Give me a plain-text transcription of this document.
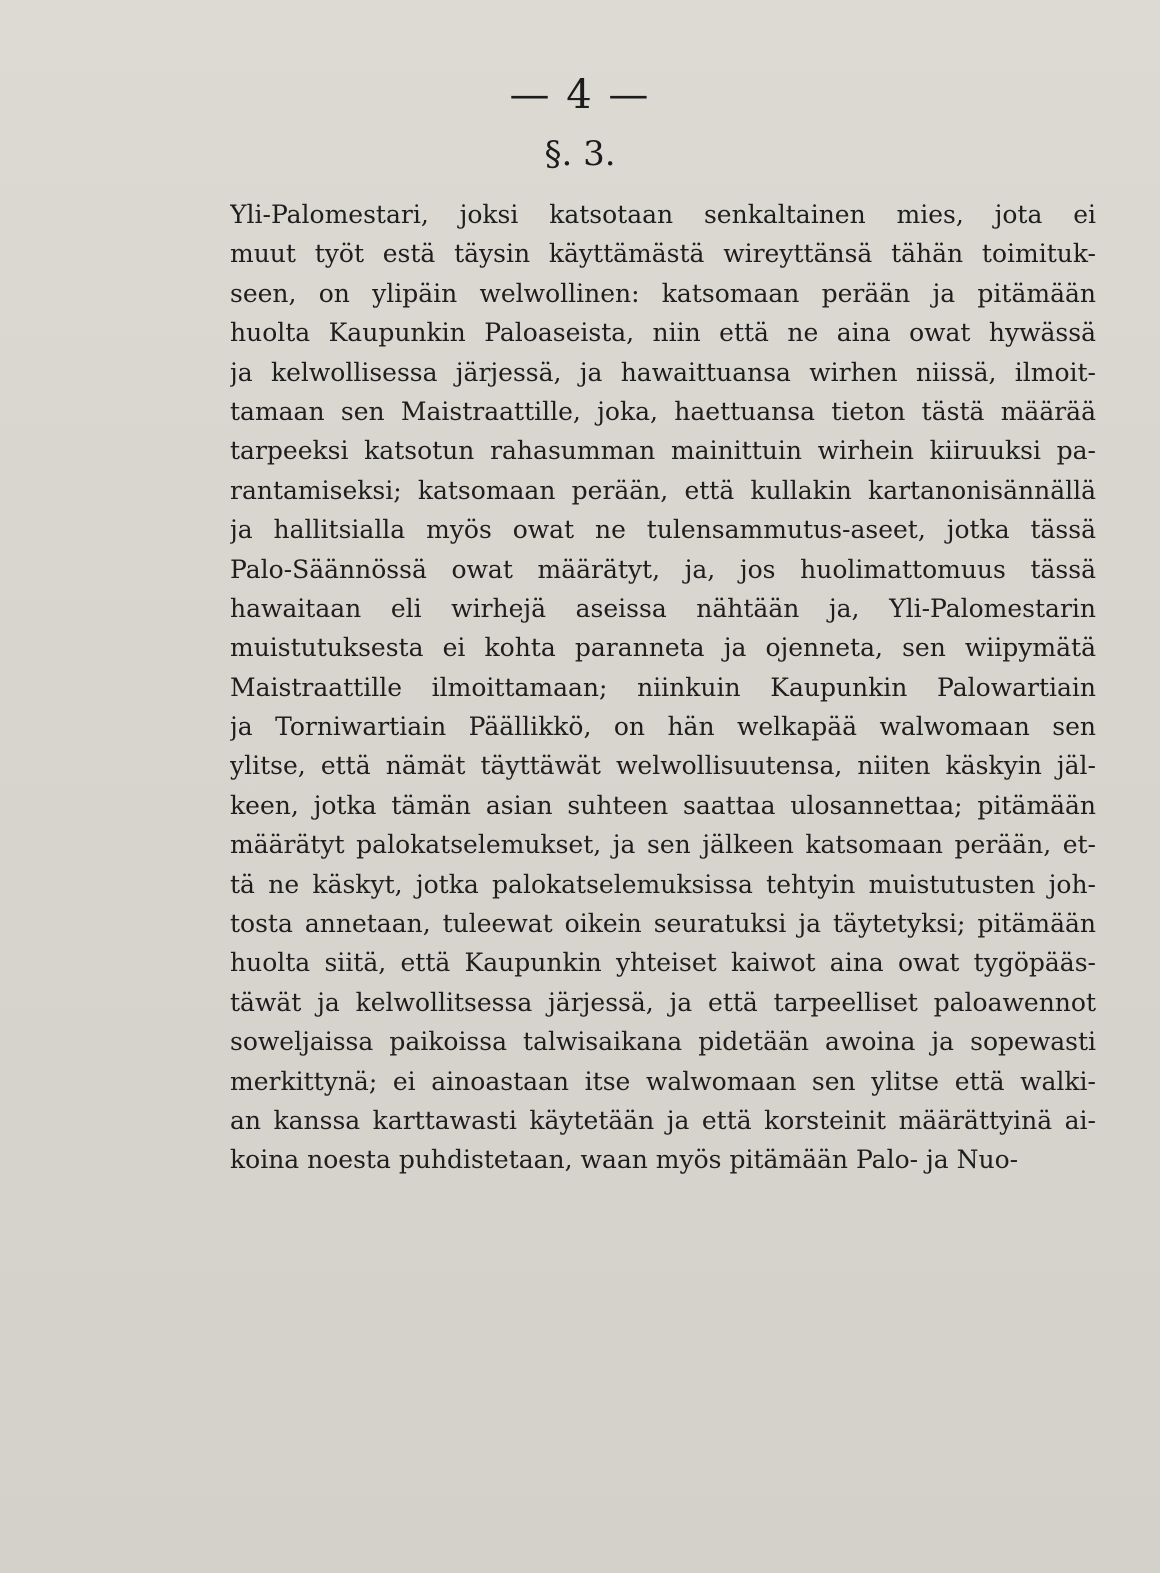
— 4 —
§. 3.
Yli-Palomestari, joksi katsotaan senkaltainen mies, jota ei
muut työt estä täysin käyttämästä wireyttänsä tähän toimituk-
seen, on ylipäin welwollinen: katsomaan perään ja pitämään
huolta Kaupunkin Paloaseista, niin että ne aina owat hywässä
ja kelwollisessa järjessä, ja hawaittuansa wirhen niissä, ilmoit-
tamaan sen Maistraattille, joka, haettuansa tieton tästä määrää
tarpeeksi katsotun rahasumman mainittuin wirhein kiiruuksi pa-
rantamiseksi; katsomaan perään, että kullakin kartanonisännällä
ja hallitsialla myös owat ne tulensammutus-aseet, jotka tässä
Palo-Säännössä owat määrätyt, ja, jos huolimattomuus tässä
hawaitaan eli wirhejä aseissa nähtään ja, Yli-Palomestarin
muistutuksesta ei kohta paranneta ja ojenneta, sen wiipymätä
Maistraattille ilmoittamaan; niinkuin Kaupunkin Palowartiain
ja Torniwartiain Päällikkö, on hän welkapää walwomaan sen
ylitse, että nämät täyttäwät welwollisuutensa, niiten käskyin jäl-
keen, jotka tämän asian suhteen saattaa ulosannettaa; pitämään
määrätyt palokatselemukset, ja sen jälkeen katsomaan perään, et-
tä ne käskyt, jotka palokatselemuksissa tehtyin muistutusten joh-
tosta annetaan, tuleewat oikein seuratuksi ja täytetyksi; pitämään
huolta siitä, että Kaupunkin yhteiset kaiwot aina owat tygöpääs-
täwät ja kelwollitsessa järjessä, ja että tarpeelliset paloawennot
soweljaissa paikoissa talwisaikana pidetään awoina ja sopewasti
merkittynä; ei ainoastaan itse walwomaan sen ylitse että walki-
an kanssa karttawasti käytetään ja että korsteinit määrättyinä ai-
koina noesta puhdistetaan, waan myös pitämään Palo- ja Nuo-
